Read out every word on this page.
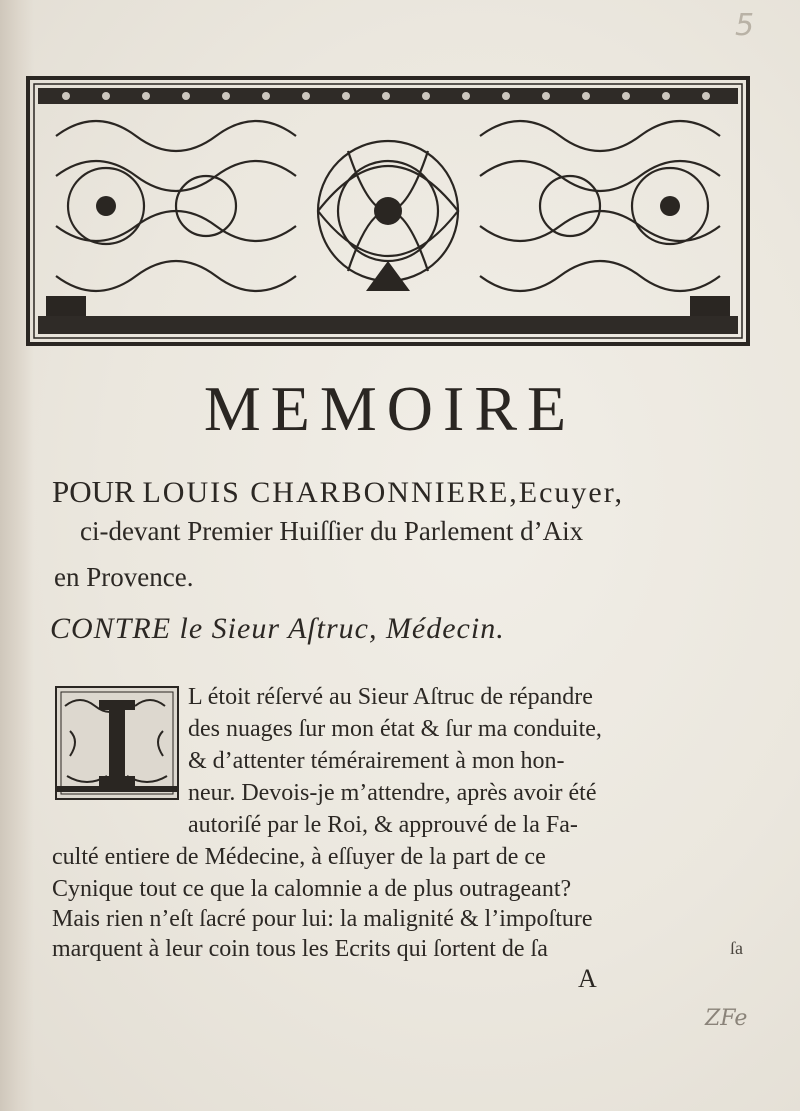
5
MEMOIRE
POUR LOUIS CHARBONNIERE,Ecuyer,
ci-devant Premier Huiſſier du Parlement d’Aix
en Provence.
CONTRE le Sieur Aſtruc, Médecin.
L étoit réſervé au Sieur Aſtruc de répandre
des nuages ſur mon état & ſur ma conduite,
& d’attenter témérairement à mon hon-
neur. Devois-je m’attendre, après avoir été
autoriſé par le Roi, & approuvé de la Fa-
culté entiere de Médecine, à eſſuyer de la part de ce
Cynique tout ce que la calomnie a de plus outrageant?
Mais rien n’eſt ſacré pour lui: la malignité & l’impoſture
marquent à leur coin tous les Ecrits qui ſortent de ſa	ſa
A
ZFe
